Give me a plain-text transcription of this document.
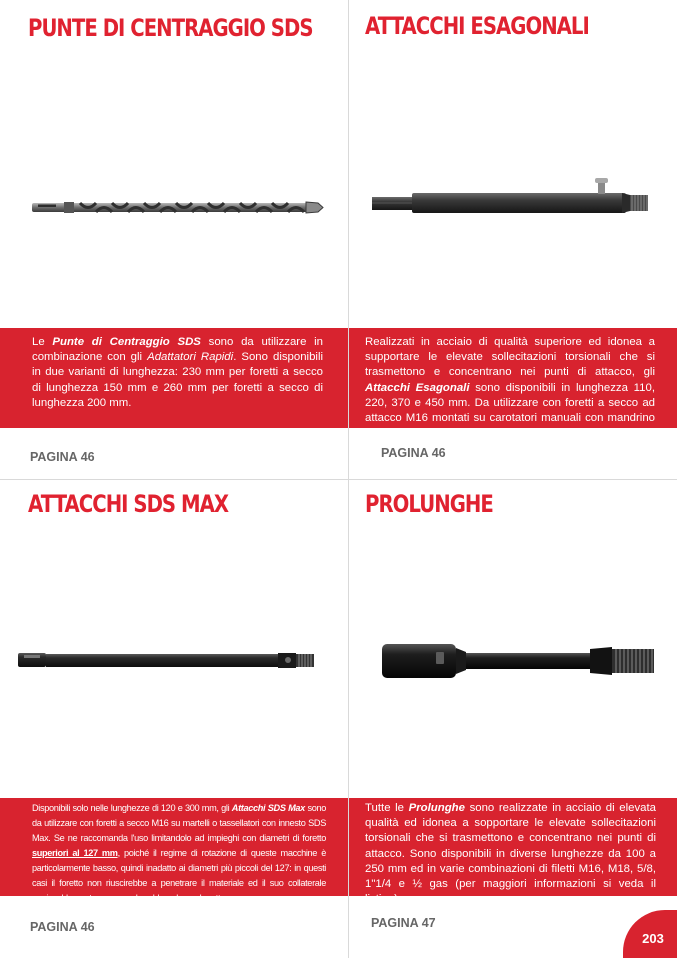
PUNTE DI CENTRAGGIO SDS

Le Punte di Centraggio SDS sono da utilizzare in combinazione con gli Adattatori Rapidi. Sono disponibili in due varianti di lunghezza: 230 mm per foretti a secco di lunghezza 150 mm e 260 mm per foretti a secco di lunghezza 200 mm.

PAGINA 46
ATTACCHI ESAGONALI

Realizzati in acciaio di qualità superiore ed idonea a supportare le elevate sollecitazioni torsionali che si trasmettono e concentrano nei punti di attacco, gli Attacchi Esagonali sono disponibili in lunghezza 110, 220, 370 e 450 mm. Da utilizzare con foretti a secco ad attacco M16 montati su carotatori manuali con mandrino a cremagliera.

PAGINA 46
ATTACCHI SDS MAX

Disponibili solo nelle lunghezze di 120 e 300 mm, gli Attacchi SDS Max sono da utilizzare con foretti a secco M16 su martelli o tassellatori con innesto SDS Max. Se ne raccomanda l'uso limitandolo ad impieghi con diametri di foretto superiori al 127 mm, poiché il regime di rotazione di queste macchine è particolarmente basso, quindi inadatto ai diametri più piccoli del 127: in questi casi il foretto non riuscirebbe a penetrare il materiale ed il suo collaterale surriscaldamento ne provocherebbe a breve la rottura.

PAGINA 46
PROLUNGHE

Tutte le Prolunghe sono realizzate in acciaio di elevata qualità ed idonea a sopportare le elevate sollecitazioni torsionali che si trasmettono e concentrano nei punti di attacco. Sono disponibili in diverse lunghezze da 100 a 250 mm ed in varie combinazioni di filetti M16, M18, 5/8, 1"1/4 e ½ gas (per maggiori informazioni si veda il listino).

PAGINA 47
203
